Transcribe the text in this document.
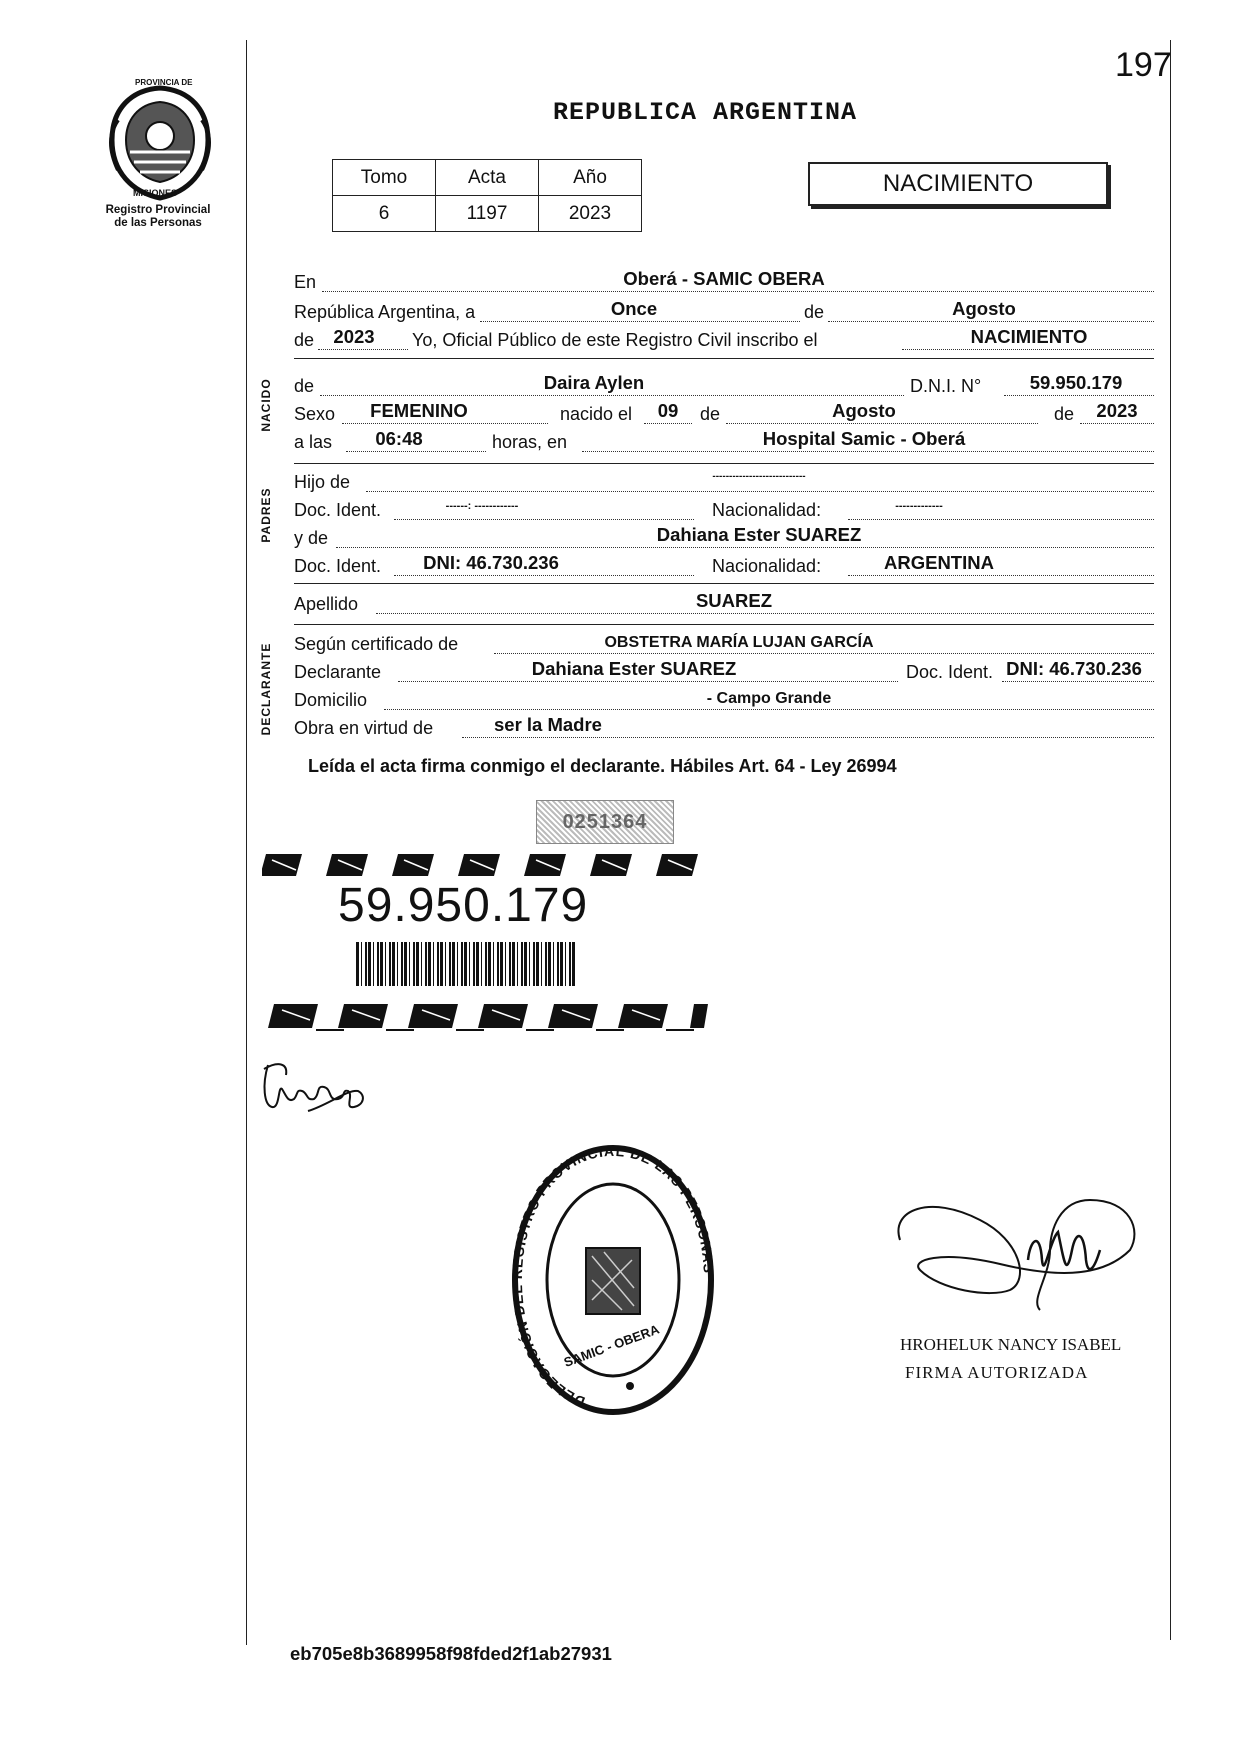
197
PROVINCIA DE
MISIONES
Registro Provincial
de las Personas
REPUBLICA ARGENTINA
Tomo	Acta	Año
6	1197	2023
NACIMIENTO
En	Oberá - SAMIC OBERA
República Argentina, a	Once	de	Agosto
de	2023	Yo, Oficial Público de este Registro Civil inscribo el	NACIMIENTO
NACIDO de	Daira Aylen	D.N.I. N°	59.950.179
Sexo	FEMENINO	nacido el	09	de	Agosto	de	2023
a las	06:48	horas, en	Hospital Samic - Oberá
PADRES
Hijo de	----------------------------
Doc. Ident.	------: ------------	Nacionalidad:	-------------
y de	Dahiana Ester SUAREZ
Doc. Ident.	DNI: 46.730.236	Nacionalidad:	ARGENTINA
Apellido	SUAREZ
DECLARANTE Según certificado de	OBSTETRA MARÍA LUJAN GARCÍA
Declarante	Dahiana Ester SUAREZ	Doc. Ident. DNI: 46.730.236
Domicilio	- Campo Grande
Obra en virtud de	ser la Madre
Leída el acta firma conmigo el declarante. Hábiles Art. 64 - Ley 26994
0251364
59.950.179
DELEGACIÓN DEL REGISTRO PROVINCIAL DE LAS PERSONAS
SAMIC - OBERA	HROHELUK NANCY ISABEL
FIRMA AUTORIZADA
eb705e8b3689958f98fded2f1ab27931
